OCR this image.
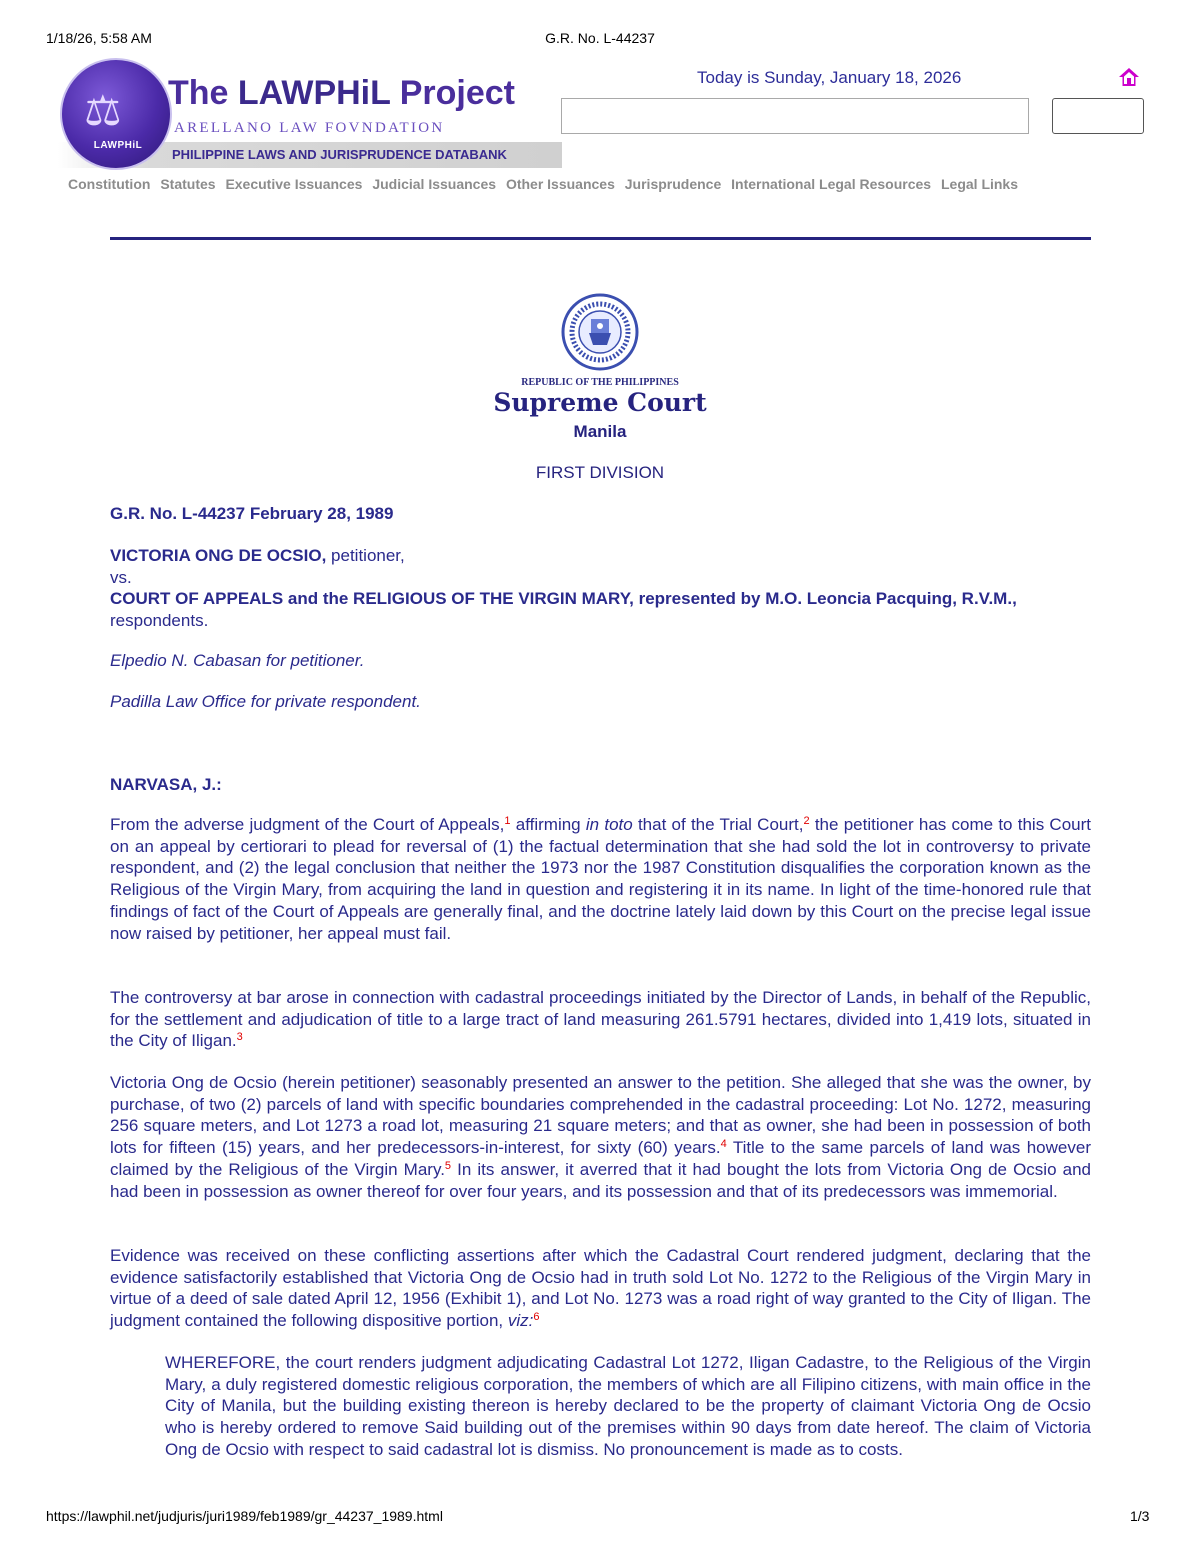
1/18/26, 5:58 AM	G.R. No. L-44237
PHILIPPINE LAWS AND JURISPRUDENCE DATABANK
⚖
LAWPHiL
The LAWPHiL Project
ARELLANO LAW FOVNDATION
Today is Sunday, January 18, 2026
Constitution Statutes Executive Issuances Judicial Issuances Other Issuances Jurisprudence International Legal Resources Legal Links
REPUBLIC OF THE PHILIPPINES
Supreme Court
Manila
FIRST DIVISION
G.R. No. L-44237 February 28, 1989
VICTORIA ONG DE OCSIO, petitioner,
vs.
COURT OF APPEALS and the RELIGIOUS OF THE VIRGIN MARY, represented by M.O. Leoncia Pacquing, R.V.M., respondents.
Elpedio N. Cabasan for petitioner.
Padilla Law Office for private respondent.
NARVASA, J.:
From the adverse judgment of the Court of Appeals,$^1$ affirming in toto that of the Trial Court,$^2$ the petitioner has come to this Court on an appeal by certiorari to plead for reversal of (1) the factual determination that she had sold the lot in controversy to private respondent, and (2) the legal conclusion that neither the 1973 nor the 1987 Constitution disqualifies the corporation known as the Religious of the Virgin Mary, from acquiring the land in question and registering it in its name. In light of the time-honored rule that findings of fact of the Court of Appeals are generally final, and the doctrine lately laid down by this Court on the precise legal issue now raised by petitioner, her appeal must fail.
The controversy at bar arose in connection with cadastral proceedings initiated by the Director of Lands, in behalf of the Republic, for the settlement and adjudication of title to a large tract of land measuring 261.5791 hectares, divided into 1,419 lots, situated in the City of Iligan.$^3$
Victoria Ong de Ocsio (herein petitioner) seasonably presented an answer to the petition. She alleged that she was the owner, by purchase, of two (2) parcels of land with specific boundaries comprehended in the cadastral proceeding: Lot No. 1272, measuring 256 square meters, and Lot 1273 a road lot, measuring 21 square meters; and that as owner, she had been in possession of both lots for fifteen (15) years, and her predecessors-in-interest, for sixty (60) years.$^4$ Title to the same parcels of land was however claimed by the Religious of the Virgin Mary.$^5$ In its answer, it averred that it had bought the lots from Victoria Ong de Ocsio and had been in possession as owner thereof for over four years, and its possession and that of its predecessors was immemorial.
Evidence was received on these conflicting assertions after which the Cadastral Court rendered judgment, declaring that the evidence satisfactorily established that Victoria Ong de Ocsio had in truth sold Lot No. 1272 to the Religious of the Virgin Mary in virtue of a deed of sale dated April 12, 1956 (Exhibit 1), and Lot No. 1273 was a road right of way granted to the City of Iligan. The judgment contained the following dispositive portion, viz:$^6$
WHEREFORE, the court renders judgment adjudicating Cadastral Lot 1272, Iligan Cadastre, to the Religious of the Virgin Mary, a duly registered domestic religious corporation, the members of which are all Filipino citizens, with main office in the City of Manila, but the building existing thereon is hereby declared to be the property of claimant Victoria Ong de Ocsio who is hereby ordered to remove Said building out of the premises within 90 days from date hereof. The claim of Victoria Ong de Ocsio with respect to said cadastral lot is dismiss. No pronouncement is made as to costs.
https://lawphil.net/judjuris/juri1989/feb1989/gr_44237_1989.html	1/3
